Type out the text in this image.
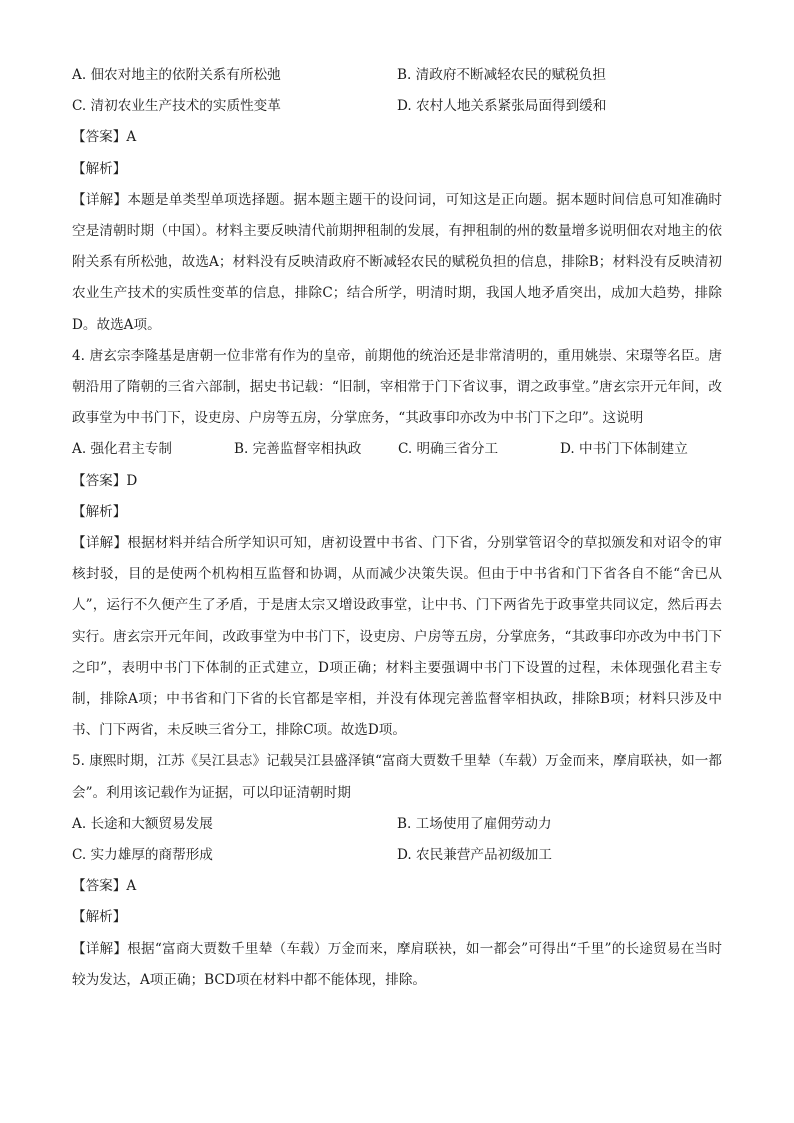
A. 佃农对地主的依附关系有所松弛	B. 清政府不断减轻农民的赋税负担
C. 清初农业生产技术的实质性变革	D. 农村人地关系紧张局面得到缓和
【答案】A
【解析】
【详解】本题是单类型单项选择题。据本题主题干的设问词，可知这是正向题。据本题时间信息可知准确时空是清朝时期（中国）。材料主要反映清代前期押租制的发展，有押租制的州的数量增多说明佃农对地主的依附关系有所松弛，故选A；材料没有反映清政府不断减轻农民的赋税负担的信息，排除B；材料没有反映清初农业生产技术的实质性变革的信息，排除C；结合所学，明清时期，我国人地矛盾突出，成加大趋势，排除D。故选A项。
4. 唐玄宗李隆基是唐朝一位非常有作为的皇帝，前期他的统治还是非常清明的，重用姚崇、宋璟等名臣。唐朝沿用了隋朝的三省六部制，据史书记载：“旧制，宰相常于门下省议事，谓之政事堂。”唐玄宗开元年间，改政事堂为中书门下，设吏房、户房等五房，分掌庶务，“其政事印亦改为中书门下之印”。这说明
A. 强化君主专制	B. 完善监督宰相执政	C. 明确三省分工	D. 中书门下体制建立
【答案】D
【解析】
【详解】根据材料并结合所学知识可知，唐初设置中书省、门下省，分别掌管诏令的草拟颁发和对诏令的审核封驳，目的是使两个机构相互监督和协调，从而减少决策失误。但由于中书省和门下省各自不能“舍已从人”，运行不久便产生了矛盾，于是唐太宗又增设政事堂，让中书、门下两省先于政事堂共同议定，然后再去实行。唐玄宗开元年间，改政事堂为中书门下，设吏房、户房等五房，分掌庶务，“其政事印亦改为中书门下之印”，表明中书门下体制的正式建立，D项正确；材料主要强调中书门下设置的过程，未体现强化君主专制，排除A项；中书省和门下省的长官都是宰相，并没有体现完善监督宰相执政，排除B项；材料只涉及中书、门下两省，未反映三省分工，排除C项。故选D项。
5. 康熙时期，江苏《吴江县志》记载吴江县盛泽镇“富商大贾数千里辇（车载）万金而来，摩肩联袂，如一都会”。利用该记载作为证据，可以印证清朝时期
A. 长途和大额贸易发展	B. 工场使用了雇佣劳动力
C. 实力雄厚的商帮形成	D. 农民兼营产品初级加工
【答案】A
【解析】
【详解】根据“富商大贾数千里辇（车载）万金而来，摩肩联袂，如一都会”可得出“千里”的长途贸易在当时较为发达，A项正确；BCD项在材料中都不能体现，排除。
